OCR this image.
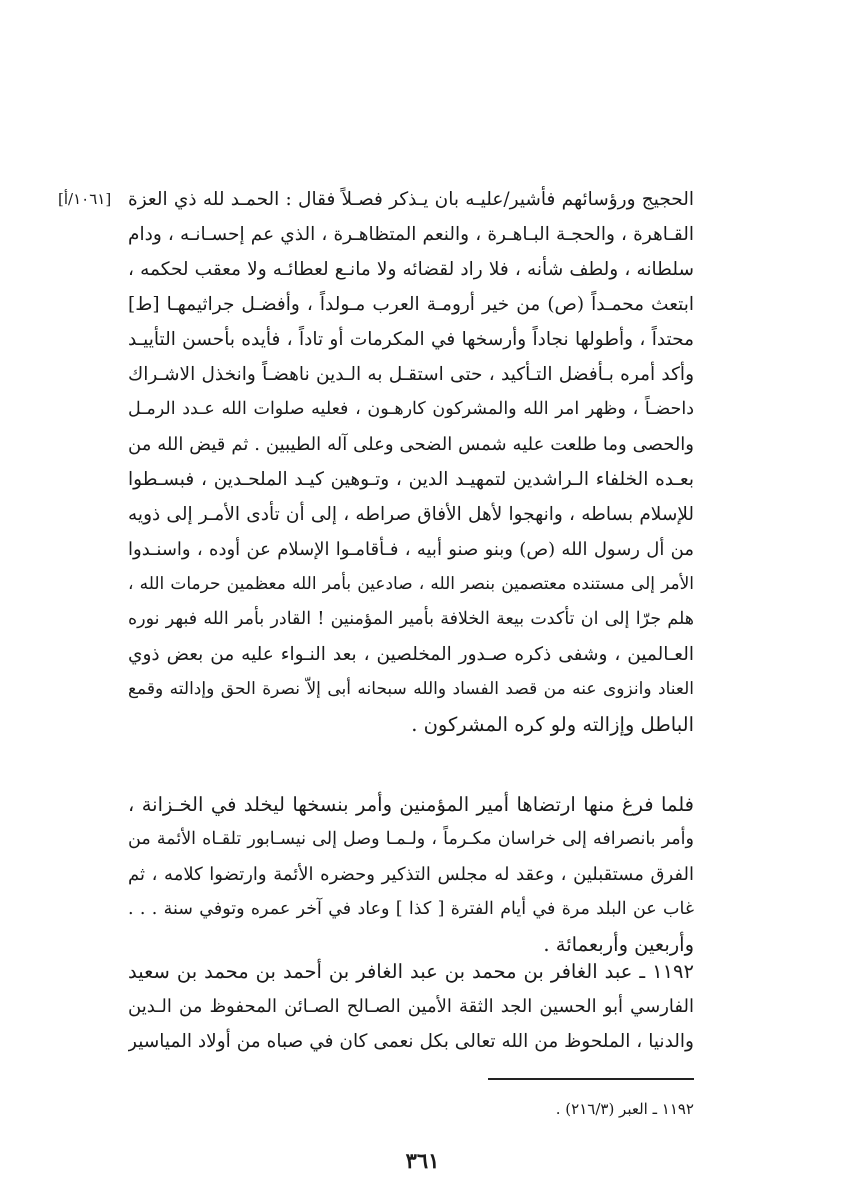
[١٠٦١/أ] الحجيج ورؤسائهم فأشير/عليـه بان يـذكر فصـلاً فقال : الحمـد لله ذي العزة
القـاهرة ، والحجـة البـاهـرة ، والنعم المتظاهـرة ، الذي عم إحسـانـه ، ودام
سلطانه ، ولطف شأنه ، فلا راد لقضائه ولا مانـع لعطائـه ولا معقب لحكمه ،
ابتعث محمـداً (ص) من خير أرومـة العرب مـولداً ، وأفضـل جراثيمهـا [ط]
محتداً ، وأطولها نجاداً وأرسخها في المكرمات أو تاداً ، فأيده بأحسن التأييـد
وأكد أمره بـأفضل التـأكيد ، حتى استقـل به الـدين ناهضـاً وانخذل الاشـراك
داحضـاً ، وظهر امر الله والمشركون كارهـون ، فعليه صلوات الله عـدد الرمـل
والحصى وما طلعت عليه شمس الضحى وعلى آله الطيبين . ثم قيض الله من
بعـده الخلفاء الـراشدين لتمهيـد الدين ، وتـوهين كيـد الملحـدين ، فبسـطوا
للإسلام بساطه ، وانهجوا لأهل الأفاق صراطه ، إلى أن تأدى الأمـر إلى ذويه
من أل رسول الله (ص) وبنو صنو أبيه ، فـأقامـوا الإسلام عن أوده ، واسنـدوا
الأمر إلى مستنده معتصمين بنصر الله ، صادعين بأمر الله معظمين حرمات الله ،
هلم جرّا إلى ان تأكدت بيعة الخلافة بأمير المؤمنين ! القادر بأمر الله فبهر نوره
العـالمين ، وشفى ذكره صـدور المخلصين ، بعد النـواء عليه من بعض ذوي
العناد وانزوى عنه من قصد الفساد والله سبحانه أبى إلاّ نصرة الحق وإدالته وقمع
الباطل وإزالته ولو كره المشركون .
فلما فرغ منها ارتضاها أمير المؤمنين وأمر بنسخها ليخلد في الخـزانة ،
وأمر بانصرافه إلى خراسان مكـرماً ، ولـمـا وصل إلى نيسـابور تلقـاه الأئمة من
الفرق مستقبلين ، وعقد له مجلس التذكير وحضره الأئمة وارتضوا كلامه ، ثم
غاب عن البلد مرة في أيام الفترة [ كذا ] وعاد في آخر عمره وتوفي سنة . . .
وأربعين وأربعمائة .
١١٩٢ ـ عبد الغافر بن محمد بن عبد الغافر بن أحمد بن محمد بن سعيد
الفارسي أبو الحسين الجد الثقة الأمين الصـالح الصـائن المحفوظ من الـدين
والدنيا ، الملحوظ من الله تعالى بكل نعمى كان في صباه من أولاد المياسير
١١٩٢ ـ العبر (٢١٦/٣) .
٣٦١
